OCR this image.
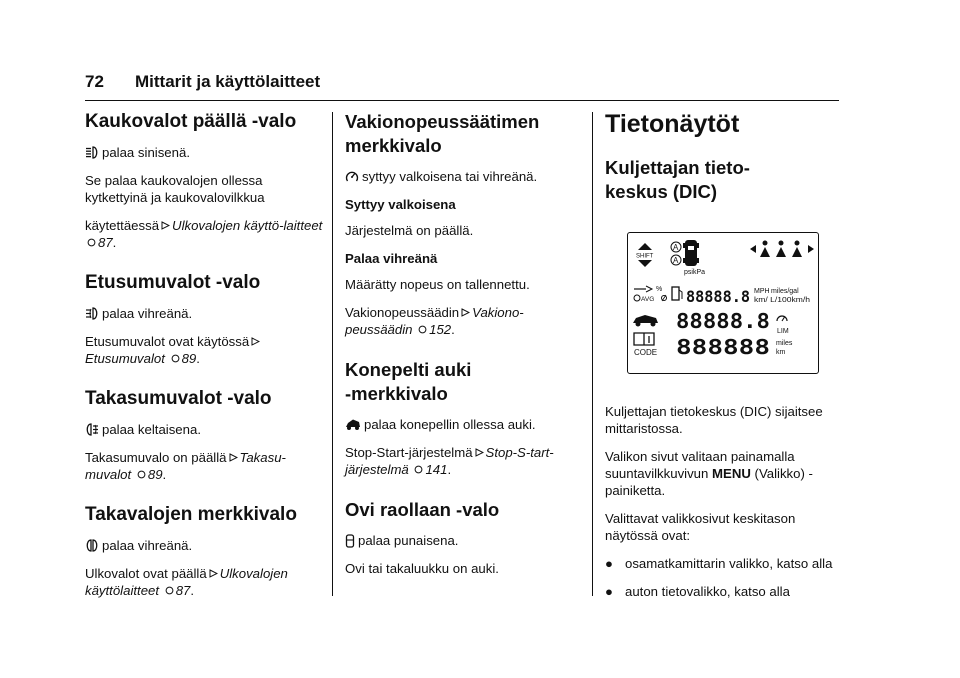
72 Mittarit ja käyttölaitteet
Kaukovalot päällä -valo

palaa sinisenä.

Se palaa kaukovalojen ollessa kytkettyinä ja kaukovalovilkkua

käytettäessä Ulkovalojen käyttö-laitteet 87.

Etusumuvalot -valo

palaa vihreänä.

Etusumuvalot ovat käytössä
Etusumuvalot 89.

Takasumuvalot -valo

palaa keltaisena.

Takasumuvalo on päällä Takasu-muvalot 89.

Takavalojen merkkivalo

palaa vihreänä.

Ulkovalot ovat päällä Ulkovalojen käyttölaitteet 87.

Vakionopeussäätimen
merkkivalo

syttyy valkoisena tai vihreänä.

Syttyy valkoisena

Järjestelmä on päällä.

Palaa vihreänä

Määrätty nopeus on tallennettu.

Vakionopeussäädin Vakiono-peussäädin 152.

Konepelti auki
-merkkivalo

palaa konepellin ollessa auki.

Stop-Start-järjestelmä Stop-S-tart-järjestelmä 141.

Ovi raollaan -valo

palaa punaisena.

Ovi tai takaluukku on auki.

Tietonäytöt
Kuljettajan tieto-
keskus (DIC)
SHIFT
A
A
psikPa
%
AVG 88888.8 MPH miles/gal
km/ L/100km/h
CODE
88888.8
888888
LIM
miles
km

Kuljettajan tietokeskus (DIC) sijaitsee mittaristossa.

Valikon sivut valitaan painamalla suuntavilkkuvivun MENU (Valikko) -painiketta.

Valittavat valikkosivut keskitason näytössä ovat:

● osamatkamittarin valikko, katso alla
● auton tietovalikko, katso alla
